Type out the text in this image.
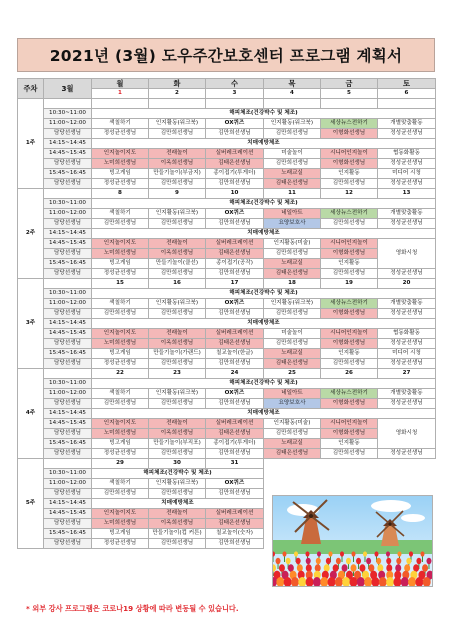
2021년 (3월) 도우주간보호센터 프로그램 계획서
주차	3월	월	화	수	목	금	토
		1	2	3	4	5	6
1주							
	10:30~11:00	해피체조(건강박수 및 체조)					
	11:00~12:00	색칠하기	인지활동(워크북)	OX퀴즈	인지활동(워크북)	세상뉴스전하기	개별맞춤활동
	담당선생님	정성균선생님	김만희선생님	김만희선생님	김만희선생님	이형화선생님	정성균선생님
	14:15~14:45	치매예방체조					
	14:45~15:45	인지놀이지도	전래놀이	실버레크레이션	미술놀이	시니어인지놀이	협동화활동
	담당선생님	노미희선생님	이옥희선생님	김태은선생님	김만희선생님	이형화선생님	정성균선생님
	15:45~16:45	빙고게임	만들기놀이(부금지)	종이접기(투게더)	노래교실	인지활동	미디어 시청
	담당선생님	정성균선생님	김만희선생님	김만희선생님	김태은선생님	김만희선생님	정성균선생님
2주		8	9	10	11	12	13
	10:30~11:00	해피체조(건강박수 및 체조)					
	11:00~12:00	색칠하기	인지활동(워크북)	OX퀴즈	네일아트	세상뉴스전하기	개별맞춤활동
	담당선생님	김만희선생님	김만희선생님	김만희선생님	요양보호사	김만희선생님	정성균선생님
	14:15~14:45	치매예방체조					
	14:45~15:45	인지놀이지도	전래놀이	실버레크레이션	인지활동(미술)	시니어인지놀이	영화시청
	담당선생님	노미희선생님	이옥희선생님	김태은선생님	김만희선생님	이형화선생님	
	15:45~16:45	빙고게임	만들기놀이(클선)	종이접기(공작)	노래교실	인지활동	
	담당선생님	정성균선생님	김만희선생님	김만희선생님	김태은선생님	김만희선생님	정성균선생님
3주		15	16	17	18	19	20
	10:30~11:00	해피체조(건강박수 및 체조)					
	11:00~12:00	색칠하기	인지활동(워크북)	OX퀴즈	인지활동(워크북)	세상뉴스전하기	개별맞춤활동
	담당선생님	김만희선생님	김만희선생님	김만희선생님	김만희선생님	이형화선생님	정성균선생님
	14:15~14:45	치매예방체조					
	14:45~15:45	인지놀이지도	전래놀이	실버레크레이션	미술놀이	시니어인지놀이	협동화활동
	담당선생님	노미희선생님	이옥희선생님	김태은선생님	김만희선생님	이형화선생님	정성균선생님
	15:45~16:45	빙고게임	만들기놀이(가랜드)	칠교놀이(한글)	노래교실	인지활동	미디어 시청
	담당선생님	정성균선생님	김만희선생님	김만희선생님	김태은선생님	김만희선생님	정성균선생님
4주		22	23	24	25	26	27
	10:30~11:00	해피체조(건강박수 및 체조)					
	11:00~12:00	색칠하기	인지활동(워크북)	OX퀴즈	네일아트	세상뉴스전하기	개별맞춤활동
	담당선생님	김만희선생님	김만희선생님	김만희선생님	요양보호사	이형화선생님	정성균선생님
	14:15~14:45	치매예방체조					
	14:45~15:45	인지놀이지도	전래놀이	실버레크레이션	인지활동(미술)	시니어인지놀이	영화시청
	담당선생님	노미희선생님	이옥희선생님	김태은선생님	김만희선생님	이형화선생님	
	15:45~16:45	빙고게임	만들기놀이(부직포)	종이접기(투게더)	노래교실	인지활동	
	담당선생님	정성균선생님	김만희선생님	김만희선생님	김태은선생님	김만희선생님	정성균선생님
5주		29	30	31			
	10:30~11:00	해피체조(건강박수 및 체조)					
	11:00~12:00	색칠하기	인지활동(워크북)	OX퀴즈			
	담당선생님	김만희선생님	김만희선생님	김만희선생님			
	14:15~14:45	치매예방체조					
	14:45~15:45	인지놀이지도	전래놀이	실버레크레이션			
	담당선생님	노미희선생님	이옥희선생님	김태은선생님			
	15:45~16:45	빙고게임	만들기놀이(컵 커튼)	칠교놀이(숫자)			
	담당선생님	정성균선생님	김만희선생님	김만희선생님			
* 외부 강사 프로그램은 코로나19 상황에 따라 변동될 수 있습니다.
